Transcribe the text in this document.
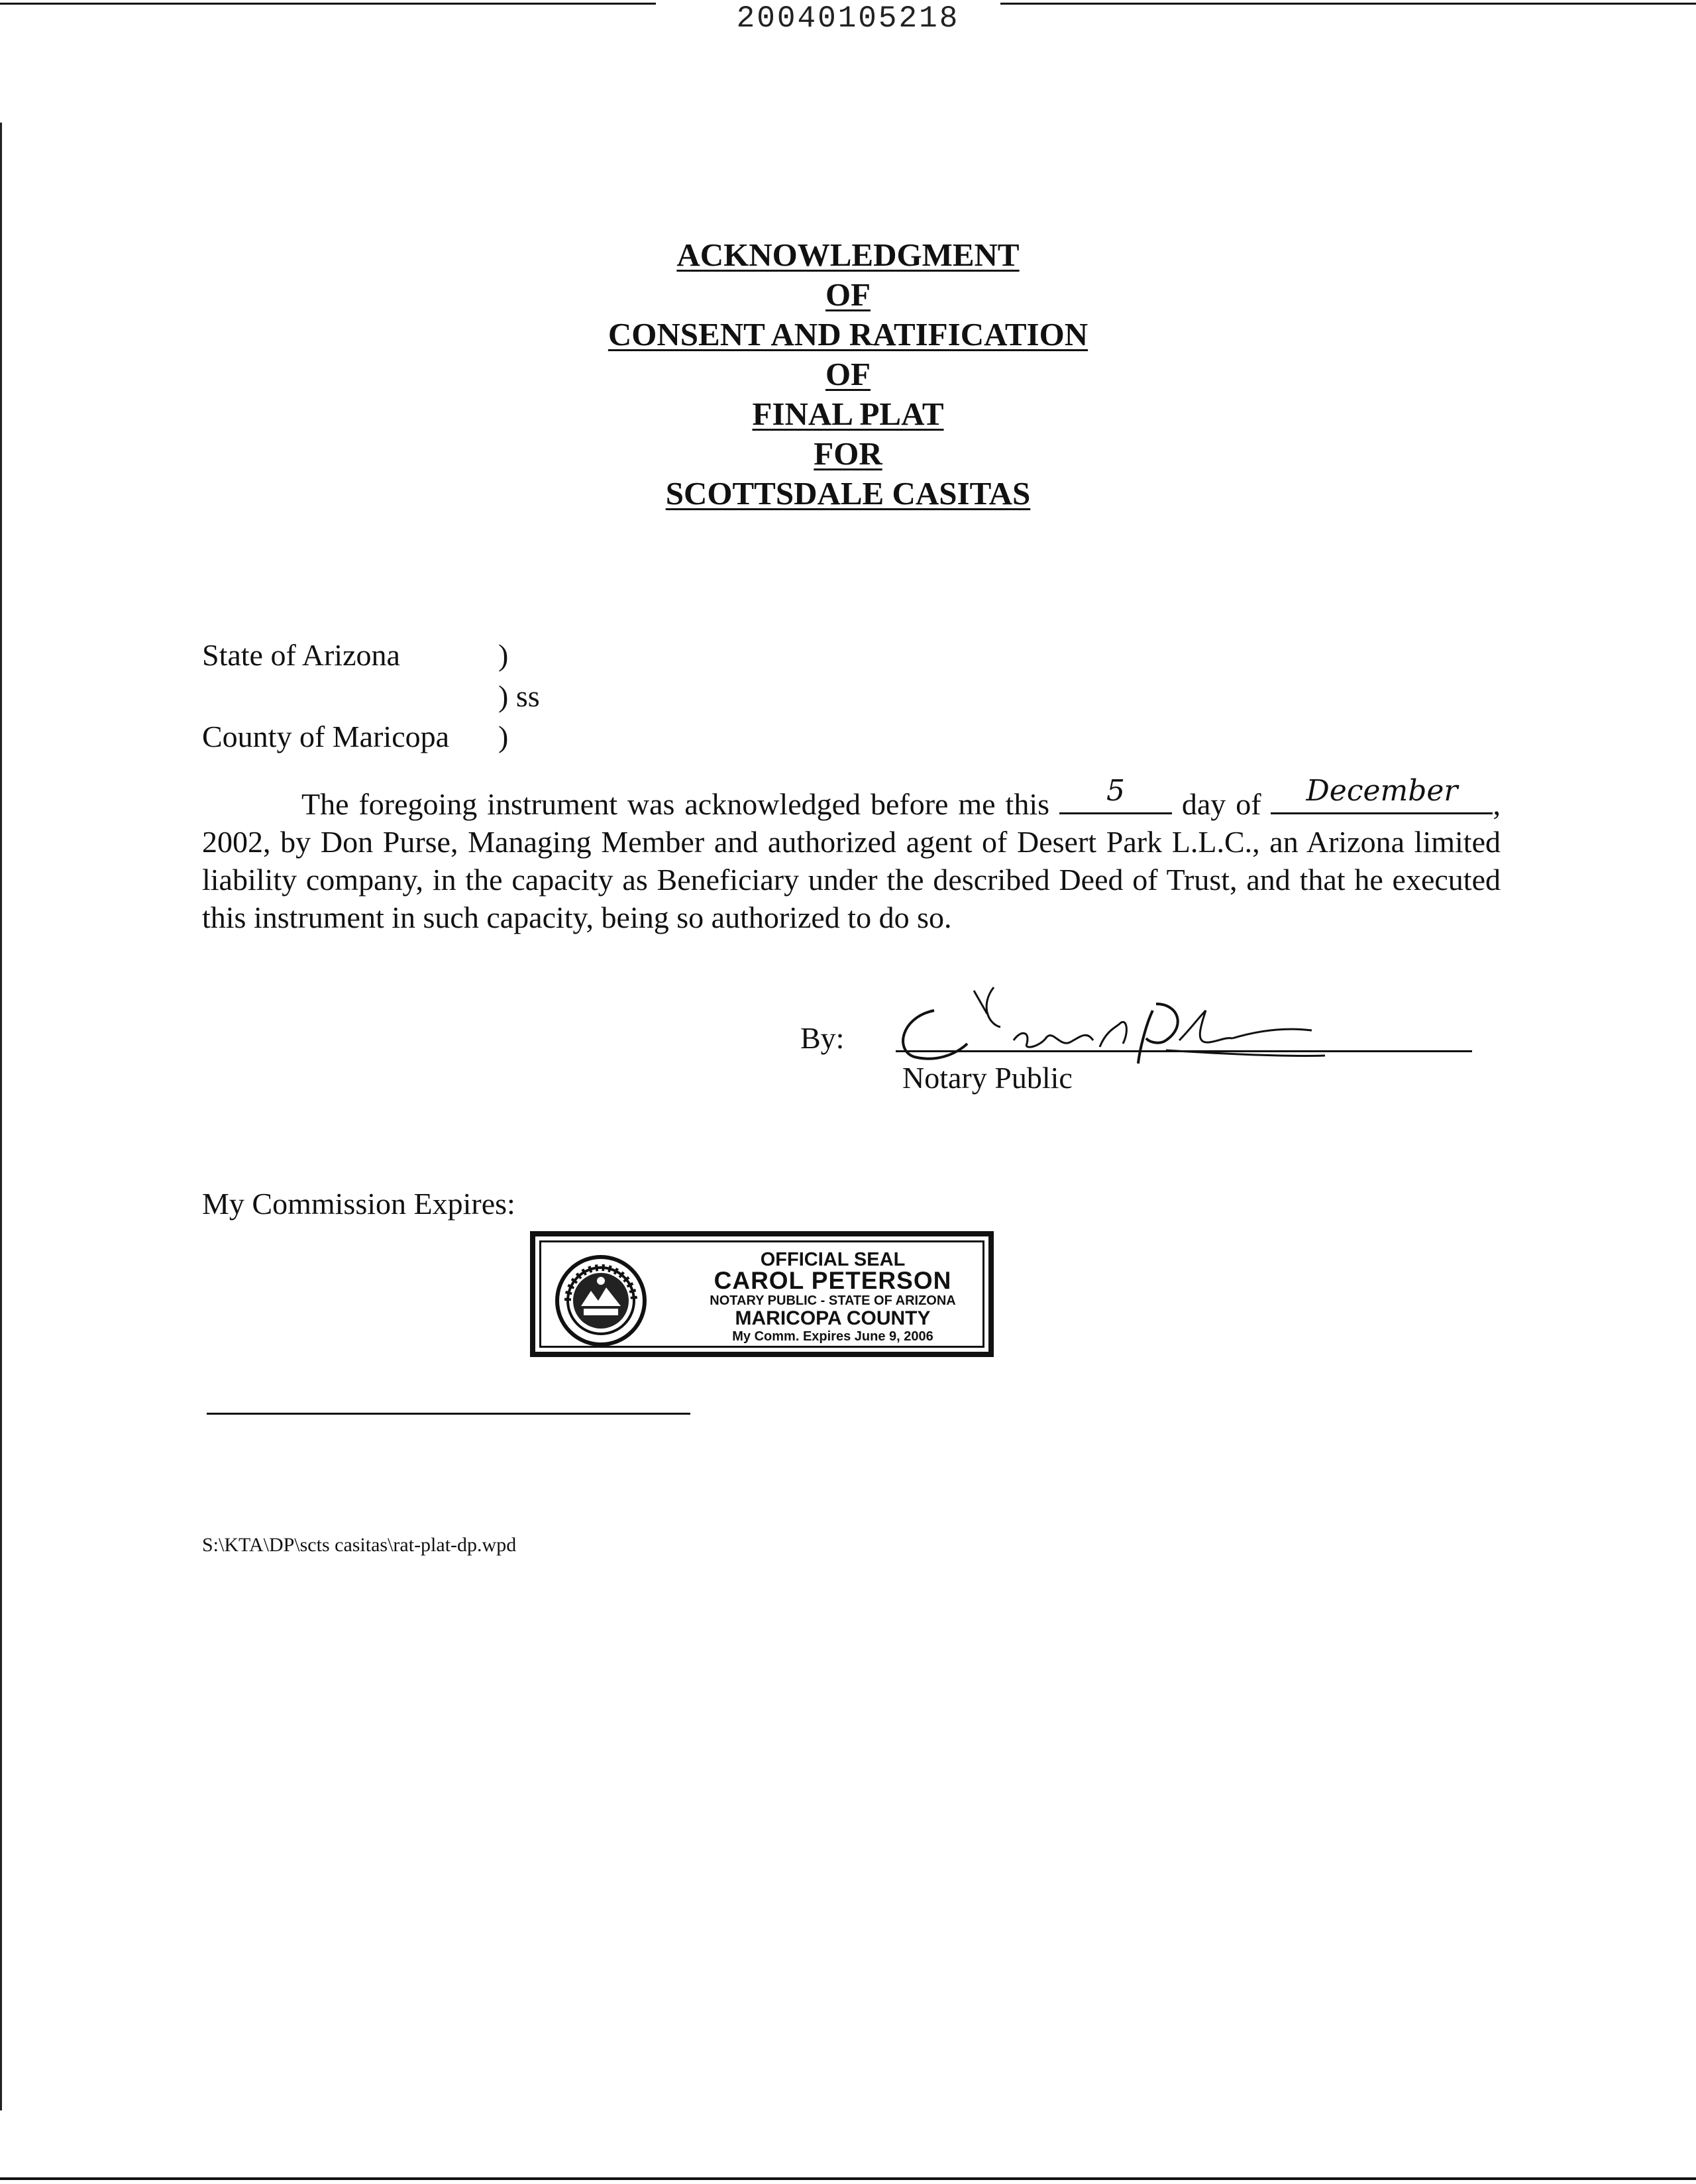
20040105218
ACKNOWLEDGMENT
OF
CONSENT AND RATIFICATION
OF
FINAL PLAT
FOR
SCOTTSDALE CASITAS
State of Arizona	)
) ss
County of Maricopa )
The foregoing instrument was acknowledged before me this	5	day of	December	, 2002, by Don Purse, Managing Member and authorized agent of Desert Park L.L.C., an Arizona limited liability company, in the capacity as Beneficiary under the described Deed of Trust, and that he executed this instrument in such capacity, being so authorized to do so.
By:
Notary Public
My Commission Expires:
OFFICIAL SEAL
CAROL PETERSON
NOTARY PUBLIC - STATE OF ARIZONA
MARICOPA COUNTY
My Comm. Expires June 9, 2006
S:\KTA\DP\scts casitas\rat-plat-dp.wpd
